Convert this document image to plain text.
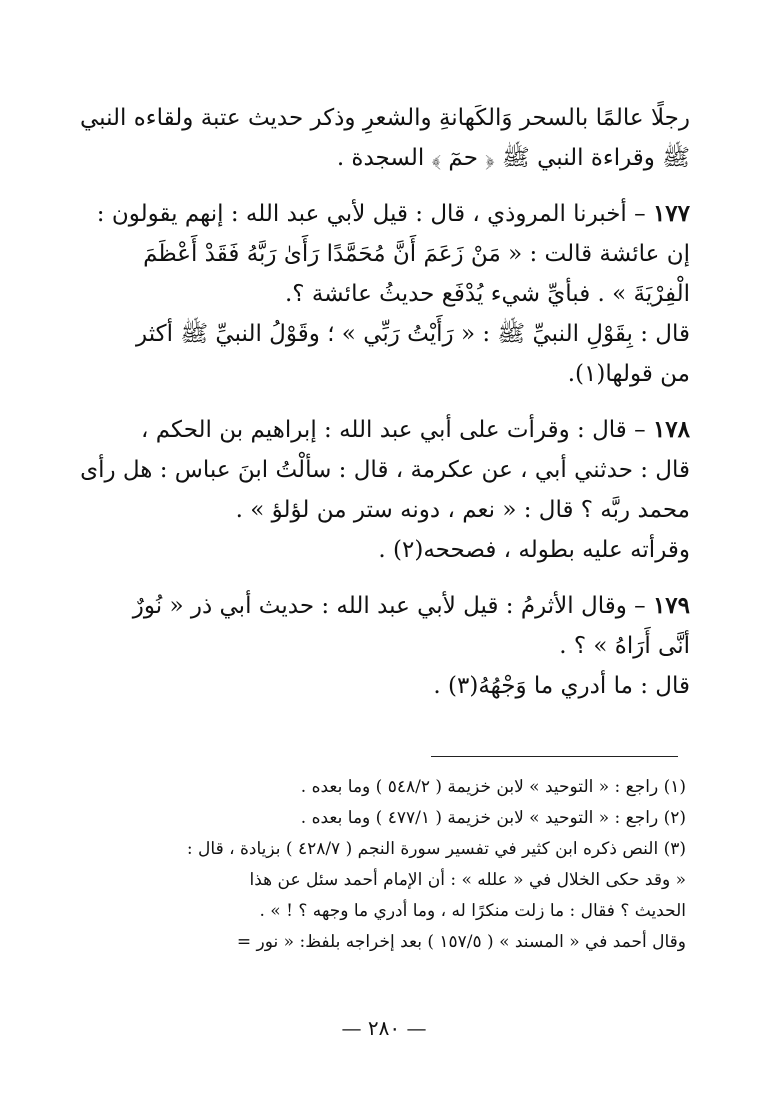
رجلًا عالمًا بالسحر وَالكَهانةِ والشعرِ وذكر حديث عتبة ولقاءه النبي

ﷺ وقراءة النبي ﷺ ﴿ حمٓ ﴾ السجدة .

١٧٧ – أخبرنا المروذي ، قال : قيل لأبي عبد الله : إنهم يقولون :

إن عائشة قالت : « مَنْ زَعَمَ أَنَّ مُحَمَّدًا رَأَىٰ رَبَّهُ فَقَدْ أَعْظَمَ

الْفِرْيَةَ » . فبأيِّ شيء يُدْفَع حديثُ عائشة ؟.

قال : بِقَوْلِ النبيِّ ﷺ : « رَأَيْتُ رَبِّي » ؛ وقَوْلُ النبيِّ ﷺ أكثر

من قولها(١).

١٧٨ – قال : وقرأت على أبي عبد الله : إبراهيم بن الحكم ،

قال : حدثني أبي ، عن عكرمة ، قال : سألْتُ ابنَ عباس : هل رأى

محمد ربَّه ؟ قال : « نعم ، دونه ستر من لؤلؤ » .

وقرأته عليه بطوله ، فصححه(٢) .

١٧٩ – وقال الأثرمُ : قيل لأبي عبد الله : حديث أبي ذر « نُورٌ

أنَّى أَرَاهُ » ؟ .

قال : ما أدري ما وَجْهُهُ(٣) .

(١) راجع : « التوحيد » لابن خزيمة ( ٥٤٨/٢ ) وما بعده .

(٢) راجع : « التوحيد » لابن خزيمة ( ٤٧٧/١ ) وما بعده .

(٣) النص ذكره ابن كثير في تفسير سورة النجم ( ٤٢٨/٧ ) بزيادة ، قال :

« وقد حكى الخلال في « علله » : أن الإمام أحمد سئل عن هذا

الحديث ؟ فقال : ما زلت منكرًا له ، وما أدري ما وجهه ؟ ! » .

وقال أحمد في « المسند » ( ١٥٧/٥ ) بعد إخراجه بلفظ: « نور =

— ٢٨٠ —
